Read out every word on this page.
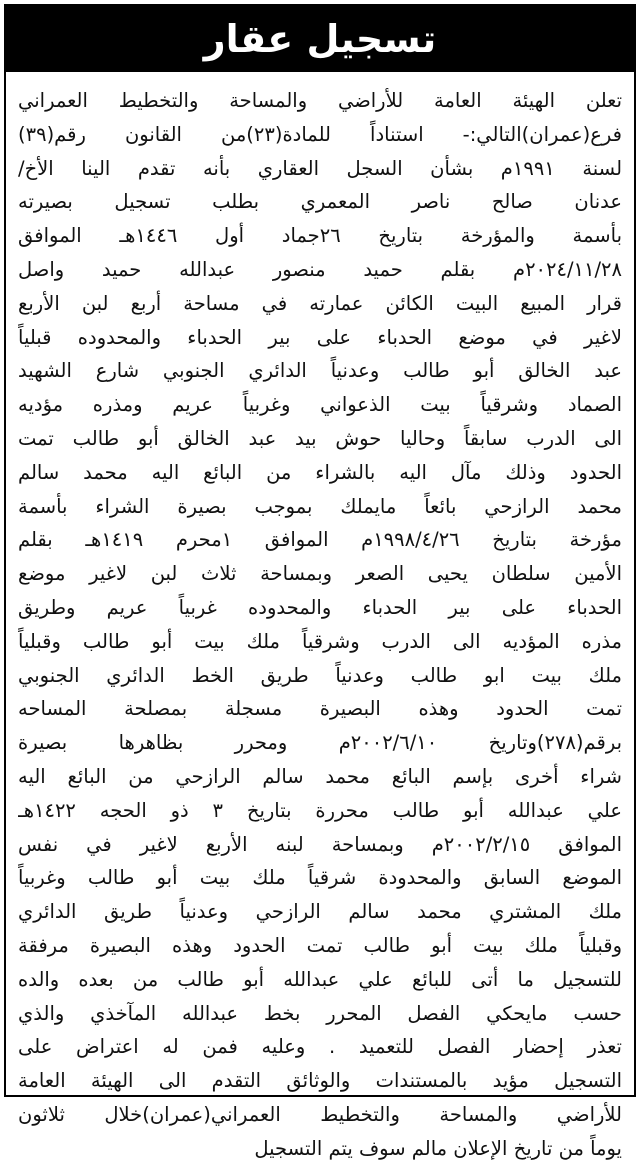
تسجيل عقار
تعلن الهيئة العامة للأراضي والمساحة والتخطيط العمراني
فرع(عمران)التالي:- استناداً للمادة(٢٣)من القانون رقم(٣٩)
لسنة ١٩٩١م بشأن السجل العقاري بأنه تقدم الينا الأخ/
عدنان صالح ناصر المعمري بطلب تسجيل بصيرته
بأسمة والمؤرخة بتاريخ ٢٦جماد أول ١٤٤٦هـ الموافق
٢٠٢٤/١١/٢٨م بقلم حميد منصور عبدالله حميد واصل
قرار المبيع البيت الكائن عمارته في مساحة أربع لبن الأربع
لاغير في موضع الحدباء على بير الحدباء والمحدوده قبلياً
عبد الخالق أبو طالب وعدنياً الدائري الجنوبي شارع الشهيد
الصماد وشرقياً بيت الذعواني وغربياً عريم ومذره مؤديه
الى الدرب سابقاً وحاليا حوش بيد عبد الخالق أبو طالب تمت
الحدود وذلك مآل اليه بالشراء من البائع اليه محمد سالم
محمد الرازحي بائعاً مايملك بموجب بصيرة الشراء بأسمة
مؤرخة بتاريخ ١٩٩٨/٤/٢٦م الموافق ١محرم ١٤١٩هـ بقلم
الأمين سلطان يحيى الصعر وبمساحة ثلاث لبن لاغير موضع
الحدباء على بير الحدباء والمحدوده غربياً عريم وطريق
مذره المؤديه الى الدرب وشرقياً ملك بيت أبو طالب وقبلياً
ملك بيت ابو طالب وعدنياً طريق الخط الدائري الجنوبي
تمت الحدود وهذه البصيرة مسجلة بمصلحة المساحه
برقم(٢٧٨)وتاريخ ٢٠٠٢/٦/١٠م ومحرر بظاهرها بصيرة
شراء أخرى بإسم البائع محمد سالم الرازحي من البائع اليه
علي عبدالله أبو طالب محررة بتاريخ ٣ ذو الحجه ١٤٢٢هـ
الموافق ٢٠٠٢/٢/١٥م وبمساحة لبنه الأربع لاغير في نفس
الموضع السابق والمحدودة شرقياً ملك بيت أبو طالب وغربياً
ملك المشتري محمد سالم الرازحي وعدنياً طريق الدائري
وقبلياً ملك بيت أبو طالب تمت الحدود وهذه البصيرة مرفقة
للتسجيل ما أتى للبائع علي عبدالله أبو طالب من بعده والده
حسب مايحكي الفصل المحرر بخط عبدالله المآخذي والذي
تعذر إحضار الفصل للتعميد . وعليه فمن له اعتراض على
التسجيل مؤيد بالمستندات والوثائق التقدم الى الهيئة العامة
للأراضي والمساحة والتخطيط العمراني(عمران)خلال ثلاثون
يوماً من تاريخ الإعلان مالم سوف يتم التسجيل
